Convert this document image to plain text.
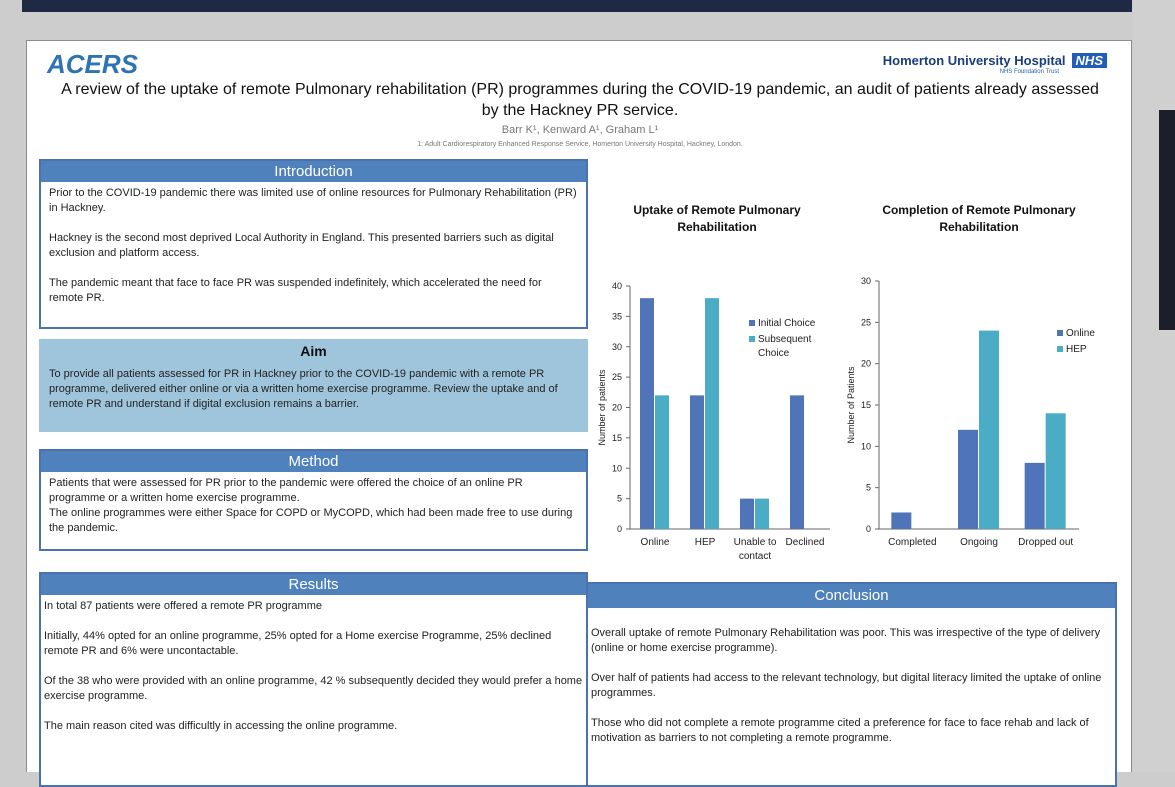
ACERS	Homerton University Hospital NHS
NHS Foundation Trust
A review of the uptake of remote Pulmonary rehabilitation (PR) programmes during the COVID-19 pandemic, an audit of patients already assessed
by the Hackney PR service.
Barr K¹, Kenward A¹, Graham L¹
1: Adult Cardiorespiratory Enhanced Response Service, Homerton University Hospital, Hackney, London.
Introduction

Prior to the COVID-19 pandemic there was limited use of online resources for Pulmonary Rehabilitation (PR) in Hackney.

Hackney is the second most deprived Local Authority in England. This presented barriers such as digital exclusion and platform access.

The pandemic meant that face to face PR was suspended indefinitely, which accelerated the need for remote PR.

Aim
To provide all patients assessed for PR in Hackney prior to the COVID-19 pandemic with a remote PR programme, delivered either online or via a written home exercise programme. Review the uptake and of remote PR and understand if digital exclusion remains a barrier.
Method

Patients that were assessed for PR prior to the pandemic were offered the choice of an online PR programme or a written home exercise programme.

The online programmes were either Space for COPD or MyCOPD, which had been made free to use during the pandemic.

Results

In total 87 patients were offered a remote PR programme

Initially, 44% opted for an online programme, 25% opted for a Home exercise Programme, 25% declined remote PR and 6% were uncontactable.

Of the 38 who were provided with an online programme, 42 % subsequently decided they would prefer a home exercise programme.

The main reason cited was difficultly in accessing the online programme.

Conclusion

Overall uptake of remote Pulmonary Rehabilitation was poor. This was irrespective of the type of delivery (online or home exercise programme).

Over half of patients had access to the relevant technology, but digital literacy limited the uptake of online programmes.

Those who did not complete a remote programme cited a preference for face to face rehab and lack of motivation as barriers to not completing a remote programme.

Uptake of Remote Pulmonary
Rehabilitation
0
5
10
15
20
25
30
35
40
Number of patients
Online	HEP Unable to
contact
Declined
Initial Choice
Subsequent
Choice
Completion of Remote Pulmonary
Rehabilitation
0
5
10
15
20
25
30
Number of Patients
Completed Ongoing Dropped out
Online
HEP
